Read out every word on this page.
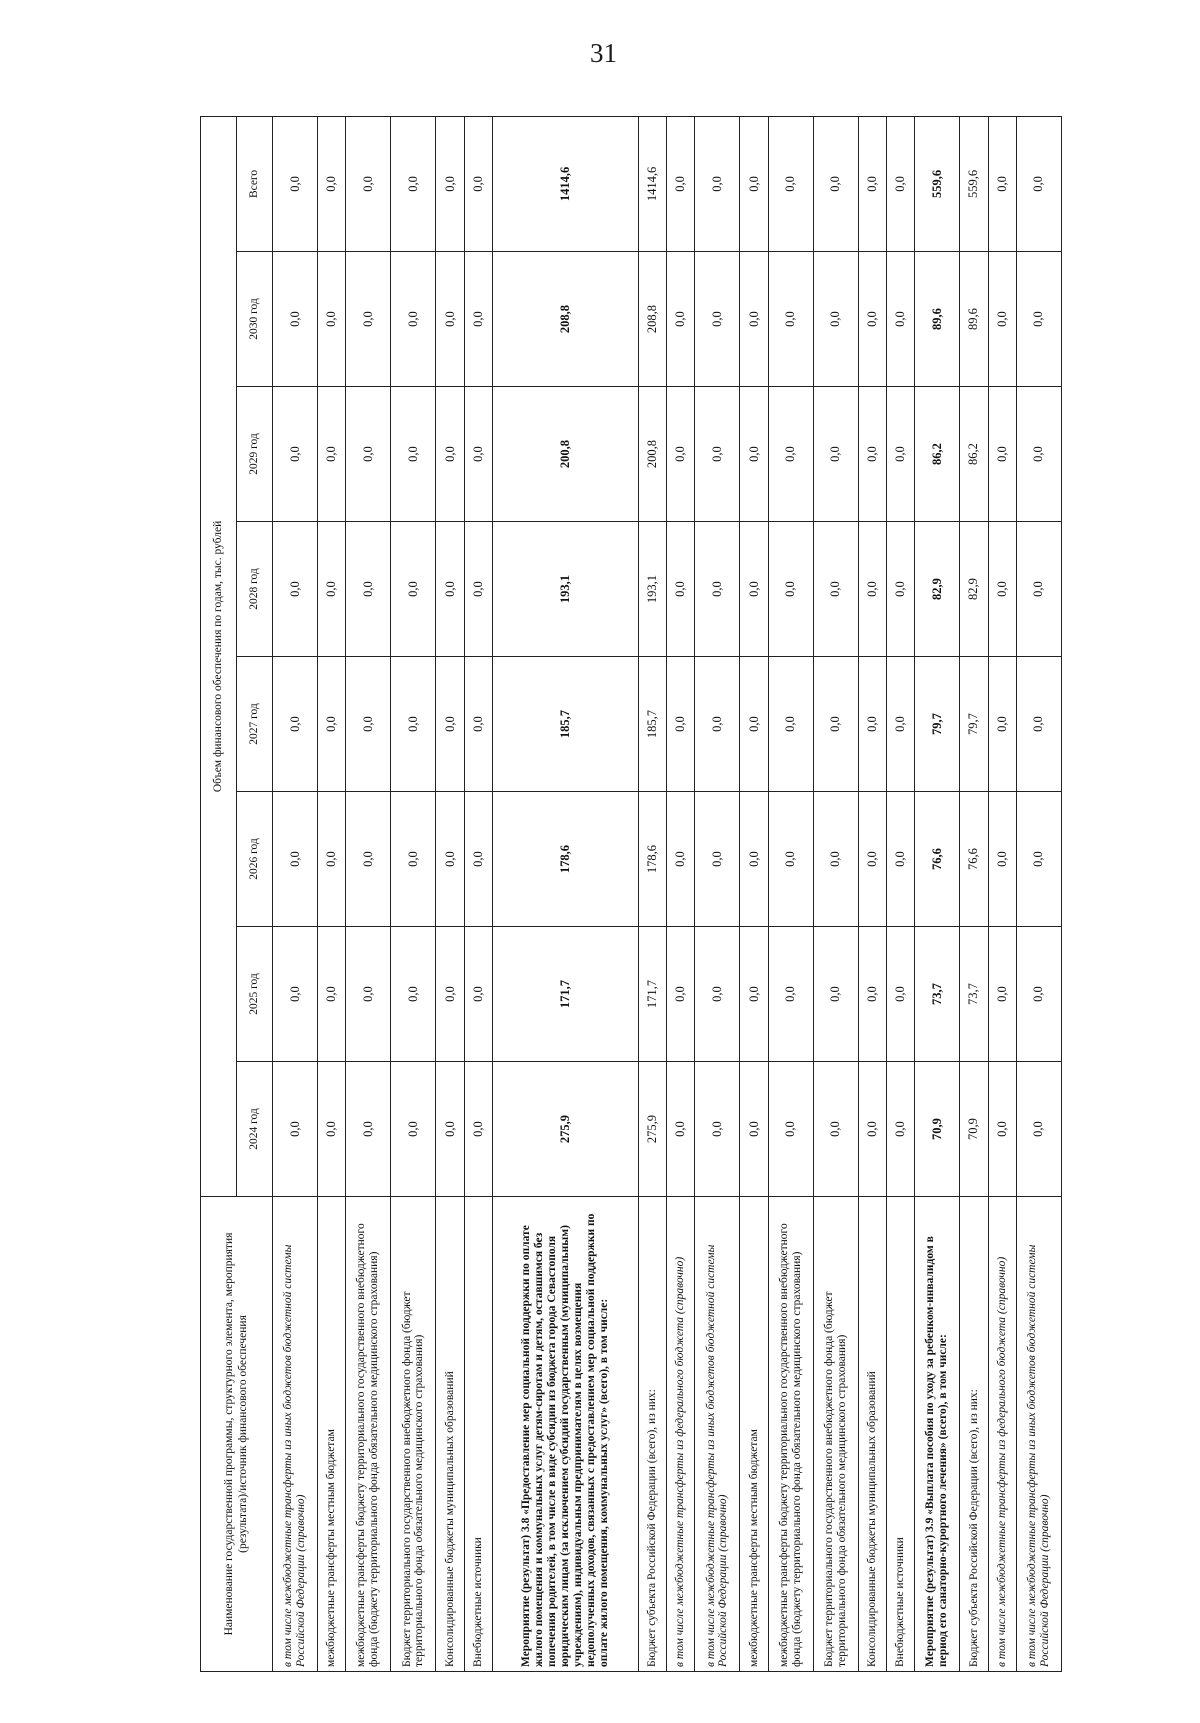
31
Наименование государственной программы, структурного элемента, мероприятия (результата)/источник финансового обеспечения	Объем финансового обеспечения по годам, тыс. рублей							
	2024 год	2025 год	2026 год	2027 год	2028 год	2029 год	2030 год	Всего
в том числе межбюджетные трансферты из иных бюджетов бюджетной системы Российской Федерации (справочно)	0,0	0,0	0,0	0,0	0,0	0,0	0,0	0,0
межбюджетные трансферты местным бюджетам	0,0	0,0	0,0	0,0	0,0	0,0	0,0	0,0
межбюджетные трансферты бюджету территориального государственного внебюджетного фонда (бюджету территориального фонда обязательного медицинского страхования)	0,0	0,0	0,0	0,0	0,0	0,0	0,0	0,0
Бюджет территориального государственного внебюджетного фонда (бюджет территориального фонда обязательного медицинского страхования)	0,0	0,0	0,0	0,0	0,0	0,0	0,0	0,0
Консолидированные бюджеты муниципальных образований	0,0	0,0	0,0	0,0	0,0	0,0	0,0	0,0
Внебюджетные источники	0,0	0,0	0,0	0,0	0,0	0,0	0,0	0,0
Мероприятие (результат) 3.8 «Предоставление мер социальной поддержки по оплате жилого помещения и коммунальных услуг детям-сиротам и детям, оставшимся без попечения родителей, в том числе в виде субсидии из бюджета города Севастополя юридическим лицам (за исключением субсидий государственным (муниципальным) учреждениям), индивидуальным предпринимателям в целях возмещения недополученных доходов, связанных с предоставлением мер социальной поддержки по оплате жилого помещения, коммунальных услуг» (всего), в том числе:	275,9	171,7	178,6	185,7	193,1	200,8	208,8	1414,6
Бюджет субъекта Российской Федерации (всего), из них:	275,9	171,7	178,6	185,7	193,1	200,8	208,8	1414,6
в том числе межбюджетные трансферты из федерального бюджета (справочно)	0,0	0,0	0,0	0,0	0,0	0,0	0,0	0,0
в том числе межбюджетные трансферты из иных бюджетов бюджетной системы Российской Федерации (справочно)	0,0	0,0	0,0	0,0	0,0	0,0	0,0	0,0
межбюджетные трансферты местным бюджетам	0,0	0,0	0,0	0,0	0,0	0,0	0,0	0,0
межбюджетные трансферты бюджету территориального государственного внебюджетного фонда (бюджету территориального фонда обязательного медицинского страхования)	0,0	0,0	0,0	0,0	0,0	0,0	0,0	0,0
Бюджет территориального государственного внебюджетного фонда (бюджет территориального фонда обязательного медицинского страхования)	0,0	0,0	0,0	0,0	0,0	0,0	0,0	0,0
Консолидированные бюджеты муниципальных образований	0,0	0,0	0,0	0,0	0,0	0,0	0,0	0,0
Внебюджетные источники	0,0	0,0	0,0	0,0	0,0	0,0	0,0	0,0
Мероприятие (результат) 3.9 «Выплата пособия по уходу за ребенком-инвалидом в период его санаторно-курортного лечения» (всего), в том числе:	70,9	73,7	76,6	79,7	82,9	86,2	89,6	559,6
Бюджет субъекта Российской Федерации (всего), из них:	70,9	73,7	76,6	79,7	82,9	86,2	89,6	559,6
в том числе межбюджетные трансферты из федерального бюджета (справочно)	0,0	0,0	0,0	0,0	0,0	0,0	0,0	0,0
в том числе межбюджетные трансферты из иных бюджетов бюджетной системы Российской Федерации (справочно)	0,0	0,0	0,0	0,0	0,0	0,0	0,0	0,0
